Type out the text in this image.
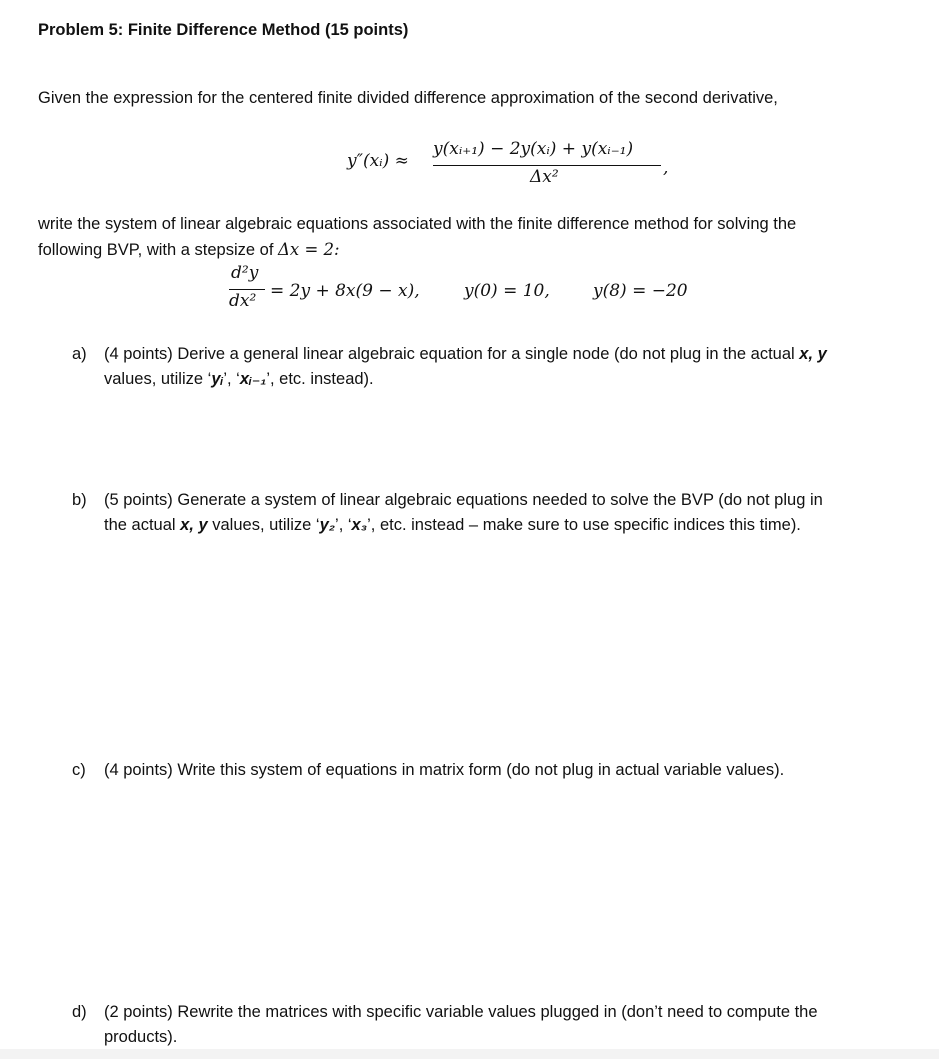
Problem 5: Finite Difference Method (15 points)
Given the expression for the centered finite divided difference approximation of the second derivative,
y″(xᵢ) ≈
y(xᵢ₊₁) − 2y(xᵢ) + y(xᵢ₋₁)
Δx²	,
write the system of linear algebraic equations associated with the finite difference method for solving the
following BVP, with a stepsize of Δx = 2:
d²y
dx² = 2y + 8x(9 − x),	y(0) = 10,	y(8) = −20
a) (4 points) Derive a general linear algebraic equation for a single node (do not plug in the actual x, y
values, utilize ‘yᵢ’, ‘xᵢ₋₁’, etc. instead).
b) (5 points) Generate a system of linear algebraic equations needed to solve the BVP (do not plug in
the actual x, y values, utilize ‘y₂’, ‘x₃’, etc. instead – make sure to use specific indices this time).
c) (4 points) Write this system of equations in matrix form (do not plug in actual variable values).
d) (2 points) Rewrite the matrices with specific variable values plugged in (don’t need to compute the
products).
